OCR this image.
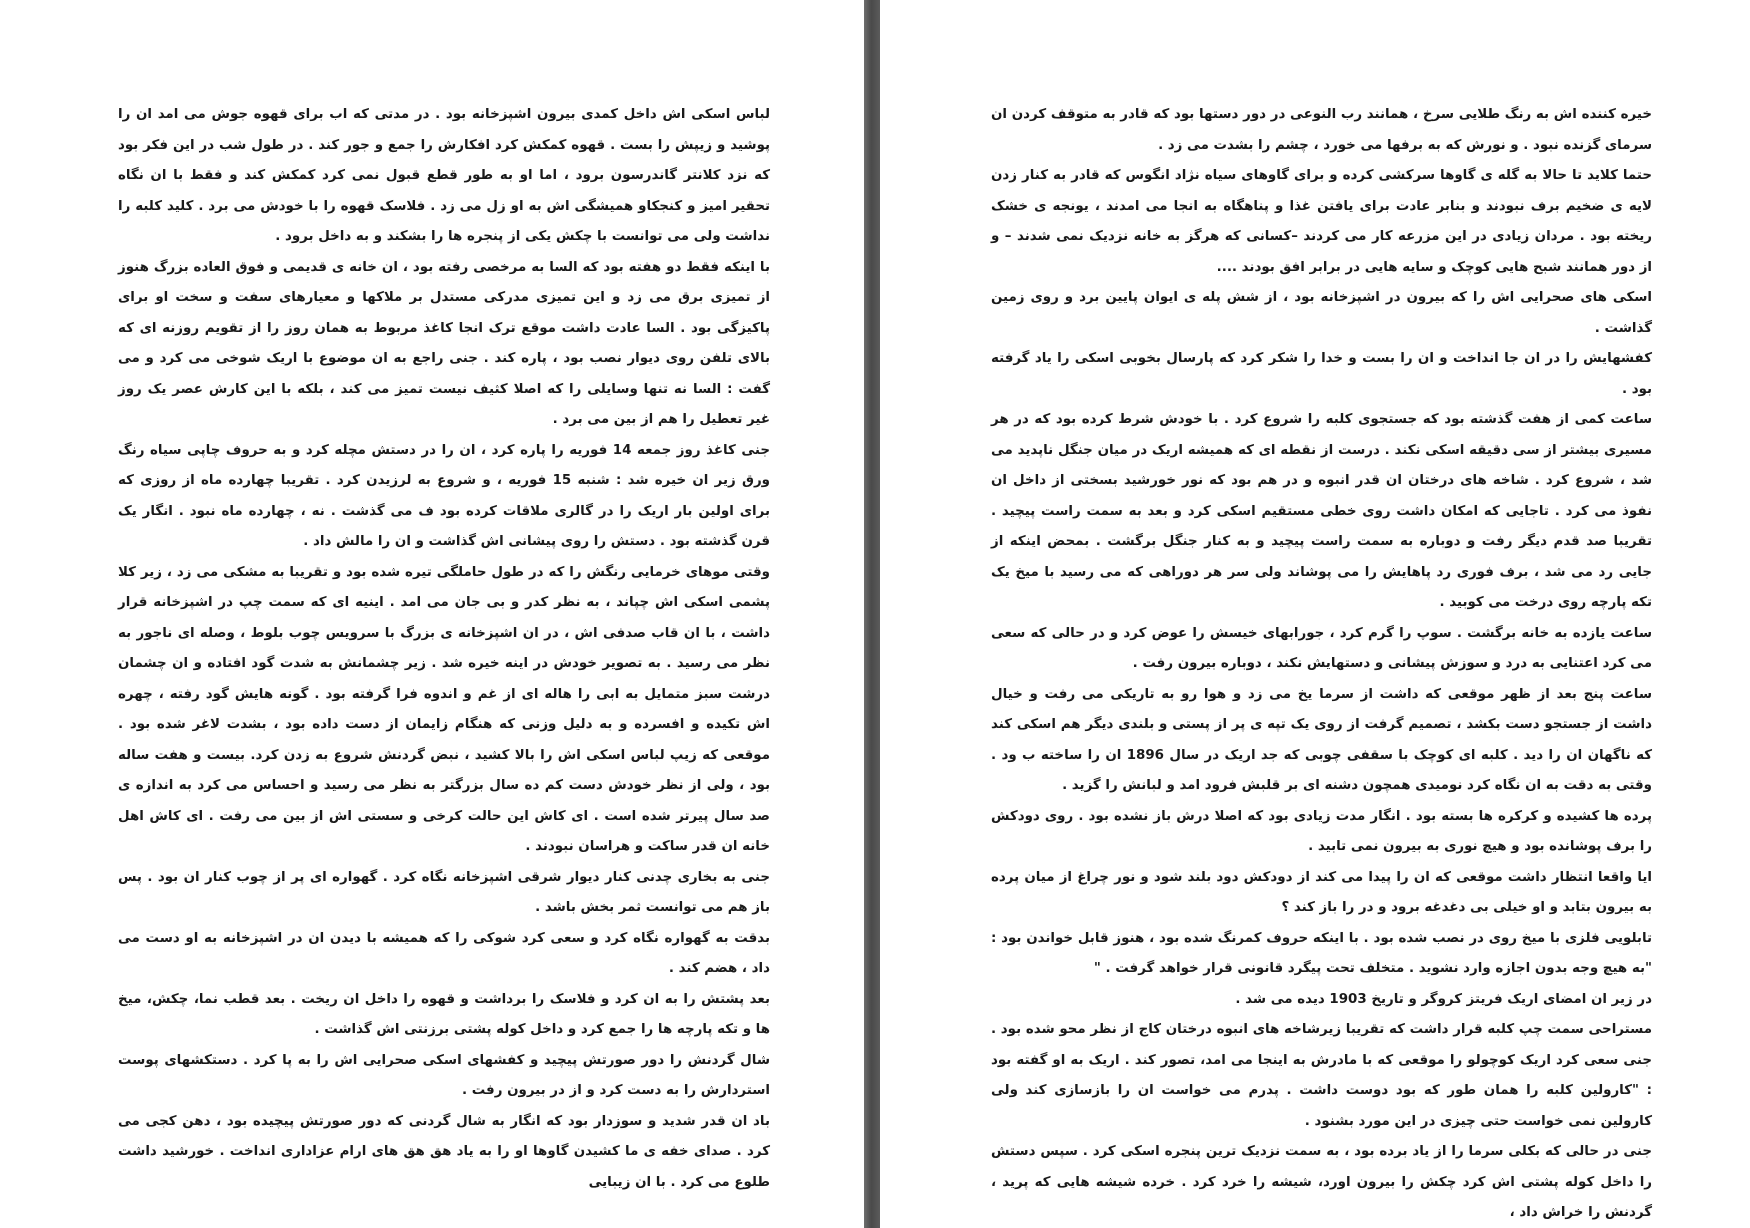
لباس اسکی اش داخل کمدی بیرون اشپزخانه بود . در مدتی که اب برای قهوه جوش می امد ان را پوشید و زیپش را بست . قهوه کمکش کرد افکارش را جمع و جور کند . در طول شب در این فکر بود که نزد کلانتر گاندرسون برود ، اما او به طور قطع قبول نمی کرد کمکش کند و فقط با ان نگاه تحقیر امیز و کنجکاو همیشگی اش به او زل می زد . فلاسک قهوه را با خودش می برد . کلید کلبه را نداشت ولی می توانست با چکش یکی از پنجره ها را بشکند و به داخل برود .

با اینکه فقط دو هفته بود که السا به مرخصی رفته بود ، ان خانه ی قدیمی و فوق العاده بزرگ هنوز از تمیزی برق می زد و این تمیزی مدرکی مستدل بر ملاکها و معیارهای سفت و سخت او برای پاکیزگی بود . السا عادت داشت موقع ترک انجا کاغذ مربوط به همان روز را از تقویم روزنه ای که بالای تلفن روی دیوار نصب بود ، پاره کند . جنی راجع به ان موضوع با اریک شوخی می کرد و می گفت : السا نه تنها وسایلی را که اصلا کثیف نیست تمیز می کند ، بلکه با این کارش عصر یک روز غیر تعطیل را هم از بین می برد .

جنی کاغذ روز جمعه 14 فوریه را پاره کرد ، ان را در دستش مچله کرد و به حروف چاپی سیاه رنگ ورق زیر ان خیره شد : شنبه 15 فوریه ، و شروع به لرزیدن کرد . تقریبا چهارده ماه از روزی که برای اولین بار اریک را در گالری ملاقات کرده بود ف می گذشت . نه ، چهارده ماه نبود . انگار یک قرن گذشته بود . دستش را روی پیشانی اش گذاشت و ان را مالش داد .

وقتی موهای خرمایی رنگش را که در طول حاملگی تیره شده بود و تقریبا به مشکی می زد ، زیر کلا پشمی اسکی اش چپاند ، به نظر کدر و بی جان می امد . اینیه ای که سمت چپ در اشپزخانه قرار داشت ، با ان قاب صدفی اش ، در ان اشپزخانه ی بزرگ با سرویس چوب بلوط ، وصله ای ناجور به نظر می رسید . به تصویر خودش در اینه خیره شد . زیر چشمانش به شدت گود افتاده و ان چشمان درشت سبز متمایل به ابی را هاله ای از غم و اندوه فرا گرفته بود . گونه هایش گود رفته ، چهره اش تکیده و افسرده و به دلیل وزنی که هنگام زایمان از دست داده بود ، بشدت لاغر شده بود . موقعی که زیپ لباس اسکی اش را بالا کشید ، نبض گردنش شروع به زدن کرد. بیست و هفت ساله بود ، ولی از نظر خودش دست کم ده سال بزرگتر به نظر می رسید و احساس می کرد به اندازه ی صد سال پیرتر شده است . ای کاش این حالت کرخی و سستی اش از بین می رفت . ای کاش اهل خانه ان قدر ساکت و هراسان نبودند .

جنی به بخاری چدنی کنار دیوار شرقی اشپزخانه نگاه کرد . گهواره ای پر از چوب کنار ان بود . پس باز هم می توانست ثمر بخش باشد .

بدقت به گهواره نگاه کرد و سعی کرد شوکی را که همیشه با دیدن ان در اشپزخانه به او دست می داد ، هضم کند .

بعد پشتش را به ان کرد و فلاسک را برداشت و قهوه را داخل ان ریخت . بعد قطب نما، چکش، میخ ها و تکه پارچه ها را جمع کرد و داخل کوله پشتی برزنتی اش گذاشت .

شال گردنش را دور صورتش پیچید و کفشهای اسکی صحرایی اش را به پا کرد . دستکشهای پوست استردارش را به دست کرد و از در بیرون رفت .

باد ان قدر شدید و سوزدار بود که انگار به شال گردنی که دور صورتش پیچیده بود ، دهن کجی می کرد . صدای خفه ی ما کشیدن گاوها او را به یاد هق هق های ارام عزاداری انداخت . خورشید داشت طلوع می کرد . با ان زیبایی

خیره کننده اش به رنگ طلایی سرخ ، همانند رب النوعی در دور دستها بود که قادر به متوقف کردن ان سرمای گزنده نبود . و نورش که به برفها می خورد ، چشم را بشدت می زد .

حتما کلاید تا حالا به گله ی گاوها سرکشی کرده و برای گاوهای سیاه نژاد انگوس که قادر به کنار زدن لایه ی ضخیم برف نبودند و بنابر عادت برای یافتن غذا و پناهگاه به انجا می امدند ، یونجه ی خشک ریخته بود . مردان زیادی در این مزرعه کار می کردند –کسانی که هرگز به خانه نزدیک نمی شدند – و از دور همانند شبح هایی کوچک و سایه هایی در برابر افق بودند ....

اسکی های صحرایی اش را که بیرون در اشپزخانه بود ، از شش پله ی ایوان پایین برد و روی زمین گذاشت .

کفشهایش را در ان جا انداخت و ان را بست و خدا را شکر کرد که پارسال بخوبی اسکی را یاد گرفته بود .

ساعت کمی از هفت گذشته بود که جستجوی کلبه را شروع کرد . با خودش شرط کرده بود که در هر مسیری بیشتر از سی دقیقه اسکی نکند . درست از نقطه ای که همیشه اریک در میان جنگل ناپدید می شد ، شروع کرد . شاخه های درختان ان قدر انبوه و در هم بود که نور خورشید بسختی از داخل ان نفوذ می کرد . تاجایی که امکان داشت روی خطی مستقیم اسکی کرد و بعد به سمت راست پیچید . تقریبا صد قدم دیگر رفت و دوباره به سمت راست پیچید و به کنار جنگل برگشت . بمحض اینکه از جایی رد می شد ، برف فوری رد پاهایش را می پوشاند ولی سر هر دوراهی که می رسید با میخ یک تکه پارچه روی درخت می کوبید .

ساعت یازده به خانه برگشت . سوپ را گرم کرد ، جورابهای خیسش را عوض کرد و در حالی که سعی می کرد اعتنایی به درد و سوزش پیشانی و دستهایش نکند ، دوباره بیرون رفت .

ساعت پنج بعد از ظهر موقعی که داشت از سرما یخ می زد و هوا رو به تاریکی می رفت و خیال داشت از جستجو دست بکشد ، تصمیم گرفت از روی یک تپه ی پر از پستی و بلندی دیگر هم اسکی کند که ناگهان ان را دید . کلبه ای کوچک با سقفی چوبی که جد اریک در سال 1896 ان را ساخته ب ود . وقتی به دقت به ان نگاه کرد نومیدی همچون دشنه ای بر قلبش فرود امد و لبانش را گزید .

پرده ها کشیده و کرکره ها بسته بود . انگار مدت زیادی بود که اصلا درش باز نشده بود . روی دودکش را برف پوشانده بود و هیچ نوری به بیرون نمی تابید .

ایا واقعا انتظار داشت موقعی که ان را پیدا می کند از دودکش دود بلند شود و نور چراغ از میان پرده به بیرون بتابد و او خیلی بی دغدغه برود و در را باز کند ؟

تابلویی فلزی با میخ روی در نصب شده بود . با اینکه حروف کمرنگ شده بود ، هنوز قابل خواندن بود : "به هیچ وجه بدون اجازه وارد نشوید . متخلف تحت پیگرد قانونی قرار خواهد گرفت . "

در زیر ان امضای اریک فریتز کروگر و تاریخ 1903 دیده می شد .

مستراحی سمت چپ کلبه قرار داشت که تقریبا زیرشاخه های انبوه درختان کاج از نظر محو شده بود . جنی سعی کرد اریک کوچولو را موقعی که با مادرش به اینجا می امد، تصور کند . اریک به او گفته بود : "کارولین کلبه را همان طور که بود دوست داشت . پدرم می خواست ان را بازسازی کند ولی کارولین نمی خواست حتی چیزی در این مورد بشنود .

جنی در حالی که بکلی سرما را از یاد برده بود ، به سمت نزدیک ترین پنجره اسکی کرد . سپس دستش را داخل کوله پشتی اش کرد چکش را بیرون اورد، شیشه را خرد کرد . خرده شیشه هایی که پرید ، گردنش را خراش داد ،
